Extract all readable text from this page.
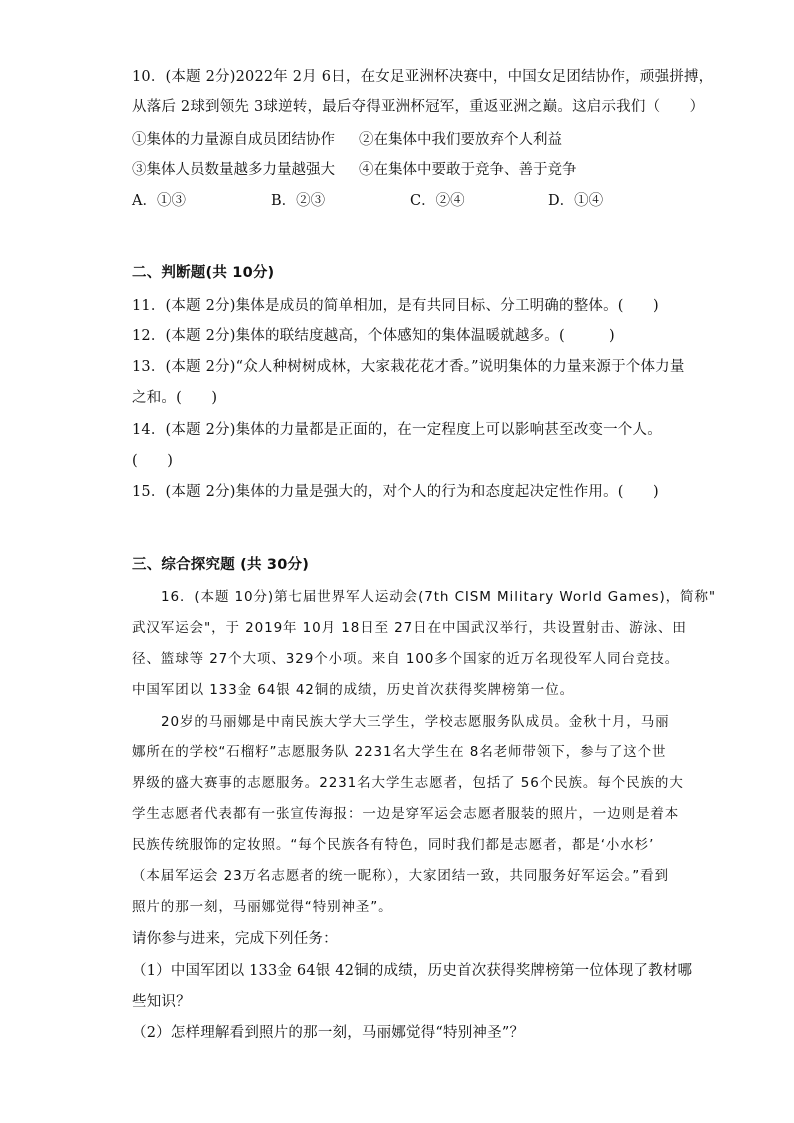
10．(本题 2分)2022年 2月 6日，在女足亚洲杯决赛中，中国女足团结协作，顽强拼搏，
从落后 2球到领先 3球逆转，最后夺得亚洲杯冠军，重返亚洲之巅。这启示我们（　　）
①集体的力量源自成员团结协作 ②在集体中我们要放弃个人利益
③集体人员数量越多力量越强大 ④在集体中要敢于竞争、善于竞争
A．①③	B．②③	C．②④	D．①④
二、判断题(共 10分)
11．(本题 2分)集体是成员的简单相加，是有共同目标、分工明确的整体。(　　)
12．(本题 2分)集体的联结度越高，个体感知的集体温暖就越多。(　　　)
13．(本题 2分)“众人种树树成林，大家栽花花才香。”说明集体的力量来源于个体力量
之和。(　　)
14．(本题 2分)集体的力量都是正面的，在一定程度上可以影响甚至改变一个人。
(　　)
15．(本题 2分)集体的力量是强大的，对个人的行为和态度起决定性作用。(　　)
三、综合探究题 (共 30分)
16．(本题 10分)第七届世界军人运动会(7th CISM Military World Games)，简称"
武汉军运会"，于 2019年 10月 18日至 27日在中国武汉举行，共设置射击、游泳、田
径、篮球等 27个大项、329个小项。来自 100多个国家的近万名现役军人同台竞技。
中国军团以 133金 64银 42铜的成绩，历史首次获得奖牌榜第一位。
20岁的马丽娜是中南民族大学大三学生，学校志愿服务队成员。金秋十月，马丽
娜所在的学校“石榴籽”志愿服务队 2231名大学生在 8名老师带领下，参与了这个世
界级的盛大赛事的志愿服务。2231名大学生志愿者，包括了 56个民族。每个民族的大
学生志愿者代表都有一张宣传海报：一边是穿军运会志愿者服装的照片，一边则是着本
民族传统服饰的定妆照。“每个民族各有特色，同时我们都是志愿者，都是‘小水杉’
（本届军运会 23万名志愿者的统一昵称），大家团结一致，共同服务好军运会。”看到
照片的那一刻，马丽娜觉得“特别神圣”。
请你参与进来，完成下列任务：
（1）中国军团以 133金 64银 42铜的成绩，历史首次获得奖牌榜第一位体现了教材哪
些知识？
（2）怎样理解看到照片的那一刻，马丽娜觉得“特别神圣”？
